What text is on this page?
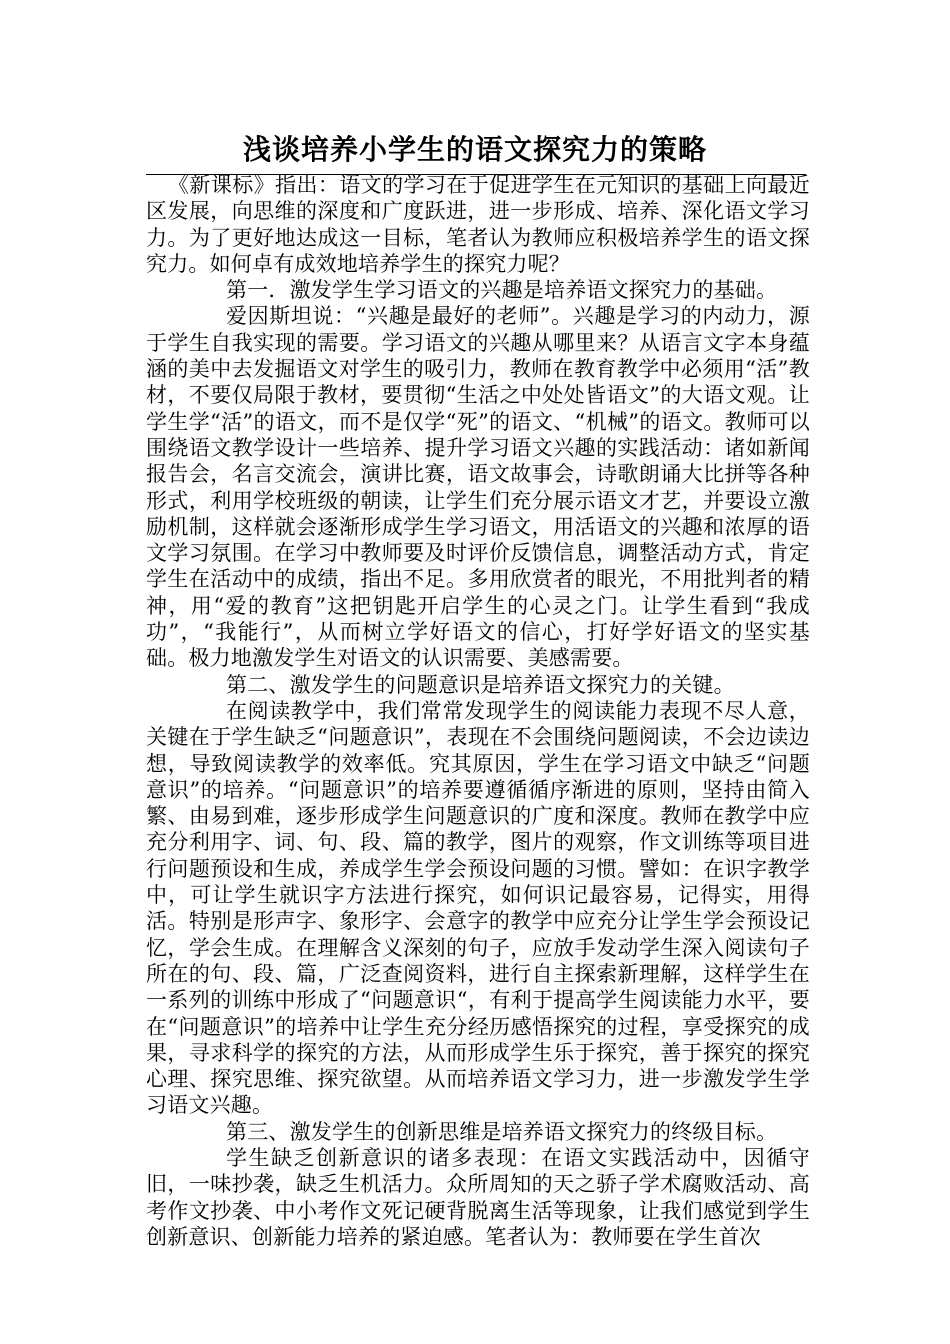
浅谈培养小学生的语文探究力的策略

《新课标》指出：语文的学习在于促进学生在元知识的基础上向最近区发展，向思维的深度和广度跃进，进一步形成、培养、深化语文学习力。为了更好地达成这一目标，笔者认为教师应积极培养学生的语文探究力。如何卓有成效地培养学生的探究力呢？

第一．激发学生学习语文的兴趣是培养语文探究力的基础。

爱因斯坦说：“兴趣是最好的老师”。兴趣是学习的内动力，源于学生自我实现的需要。学习语文的兴趣从哪里来？从语言文字本身蕴涵的美中去发掘语文对学生的吸引力，教师在教育教学中必须用“活”教材，不要仅局限于教材，要贯彻“生活之中处处皆语文”的大语文观。让学生学“活”的语文，而不是仅学“死”的语文、“机械”的语文。教师可以围绕语文教学设计一些培养、提升学习语文兴趣的实践活动：诸如新闻报告会，名言交流会，演讲比赛，语文故事会，诗歌朗诵大比拼等各种形式，利用学校班级的朝读，让学生们充分展示语文才艺，并要设立激励机制，这样就会逐渐形成学生学习语文，用活语文的兴趣和浓厚的语文学习氛围。在学习中教师要及时评价反馈信息，调整活动方式，肯定学生在活动中的成绩，指出不足。多用欣赏者的眼光，不用批判者的精神，用“爱的教育”这把钥匙开启学生的心灵之门。让学生看到“我成功”，“我能行”，从而树立学好语文的信心，打好学好语文的坚实基础。极力地激发学生对语文的认识需要、美感需要。

第二、激发学生的问题意识是培养语文探究力的关键。

在阅读教学中，我们常常发现学生的阅读能力表现不尽人意，关键在于学生缺乏“问题意识”，表现在不会围绕问题阅读，不会边读边想，导致阅读教学的效率低。究其原因，学生在学习语文中缺乏“问题意识”的培养。“问题意识”的培养要遵循循序渐进的原则，坚持由简入繁、由易到难，逐步形成学生问题意识的广度和深度。教师在教学中应充分利用字、词、句、段、篇的教学，图片的观察，作文训练等项目进行问题预设和生成，养成学生学会预设问题的习惯。譬如：在识字教学中，可让学生就识字方法进行探究，如何识记最容易，记得实，用得活。特别是形声字、象形字、会意字的教学中应充分让学生学会预设记忆，学会生成。在理解含义深刻的句子，应放手发动学生深入阅读句子所在的句、段、篇，广泛查阅资料，进行自主探索新理解，这样学生在一系列的训练中形成了“问题意识“，有利于提高学生阅读能力水平，要在“问题意识”的培养中让学生充分经历感悟探究的过程，享受探究的成果，寻求科学的探究的方法，从而形成学生乐于探究，善于探究的探究心理、探究思维、探究欲望。从而培养语文学习力，进一步激发学生学习语文兴趣。

第三、激发学生的创新思维是培养语文探究力的终级目标。

学生缺乏创新意识的诸多表现：在语文实践活动中，因循守旧，一味抄袭，缺乏生机活力。众所周知的天之骄子学术腐败活动、高考作文抄袭、中小考作文死记硬背脱离生活等现象，让我们感觉到学生创新意识、创新能力培养的紧迫感。笔者认为：教师要在学生首次
